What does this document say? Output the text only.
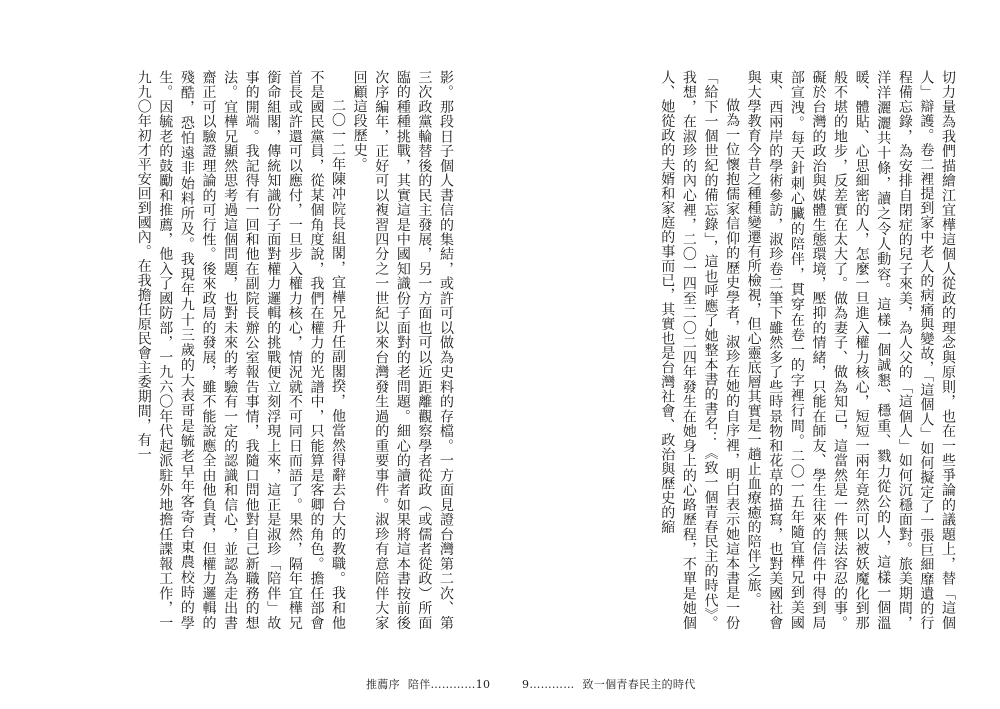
影。那段日子個人書信的集結，或許可以做為史料的存檔。一方面見證台灣第二次、第三次政黨輪替後的民主發展，另一方面也可以近距離觀察學者從政（或儒者從政）所面臨的種種挑戰，其實這是中國知識份子面對的老問題。細心的讀者如果將這本書按前後次序編年，正好可以複習四分之一世紀以來台灣發生過的重要事件。淑珍有意陪伴大家回顧這段歷史。

二〇一二年陳冲院長組閣，宜樺兄升任副閣揆，他當然得辭去台大的教職。我和他不是國民黨員，從某個角度說，我們在權力的光譜中，只能算是客卿的角色。擔任部會首長或許還可以應付，一旦步入權力核心，情況就不可同日而語了。果然，隔年宜樺兄銜命組閣，傳統知識份子面對權力邏輯的挑戰便立刻浮現上來，這正是淑珍「陪伴」故事的開端。我記得有一回和他在副院長辦公室報告事情，我隨口問他對自己新職務的想法。宜樺兄顯然思考過這個問題，也對未來的考驗有一定的認識和信心，並認為走出書齋正可以驗證理論的可行性。後來政局的發展，雖不能說應全由他負責，但權力邏輯的殘酷，恐怕遠非始料所及。我現年九十三歲的大表哥是毓老早年客寄台東農校時的學生。因毓老的鼓勵和推薦，他入了國防部，一九六〇年代起派駐外地擔任諜報工作，一九九〇年初才平安回到國內。在我擔任原民會主委期間，有一

推薦序 陪伴…………10

切力量為我們描繪江宜樺這個人從政的理念與原則，也在一些爭論的議題上，替「這個人」辯護。卷二裡提到家中老人的病痛與變故，「這個人」如何擬定了一張巨細靡遺的行程備忘錄，為安排自閉症的兒子來美，為人父的「這個人」如何沉穩面對。旅美期間，洋洋灑灑共十條，讀之令人動容。這樣一個誠懇、穩重、戮力從公的人，這樣一個溫暖、體貼、心思細密的人，怎麼一旦進入權力核心，短短一兩年竟然可以被妖魔化到那般不堪的地步，反差實在太大了。做為妻子、做為知己，這當然是一件無法容忍的事。礙於台灣的政治與媒體生態環境，壓抑的情緒，只能在師友、學生往來的信件中得到局部宣洩。每天針刺心臟的陪伴，貫穿在卷一的字裡行間。二〇一五年隨宜樺兄到美國東、西兩岸的學術參訪，淑珍卷二筆下雖然多了些時景物和花草的描寫，也對美國社會與大學教育今昔之種種變遷有所檢視，但心靈底層其實是一趟止血療癒的陪伴之旅。

做為一位懷抱儒家信仰的歷史學者，淑珍在她的自序裡，明白表示她這本書是一份「給下一個世紀的備忘錄」，這也呼應了她整本書的書名：《致一個青春民主的時代》。我想，在淑珍的內心裡，二〇一四至二〇二四年發生在她身上的心路歷程，不單是她個人、她從政的夫婿和家庭的事而已，其實也是台灣社會、政治與歷史的縮

9………… 致一個青春民主的時代
